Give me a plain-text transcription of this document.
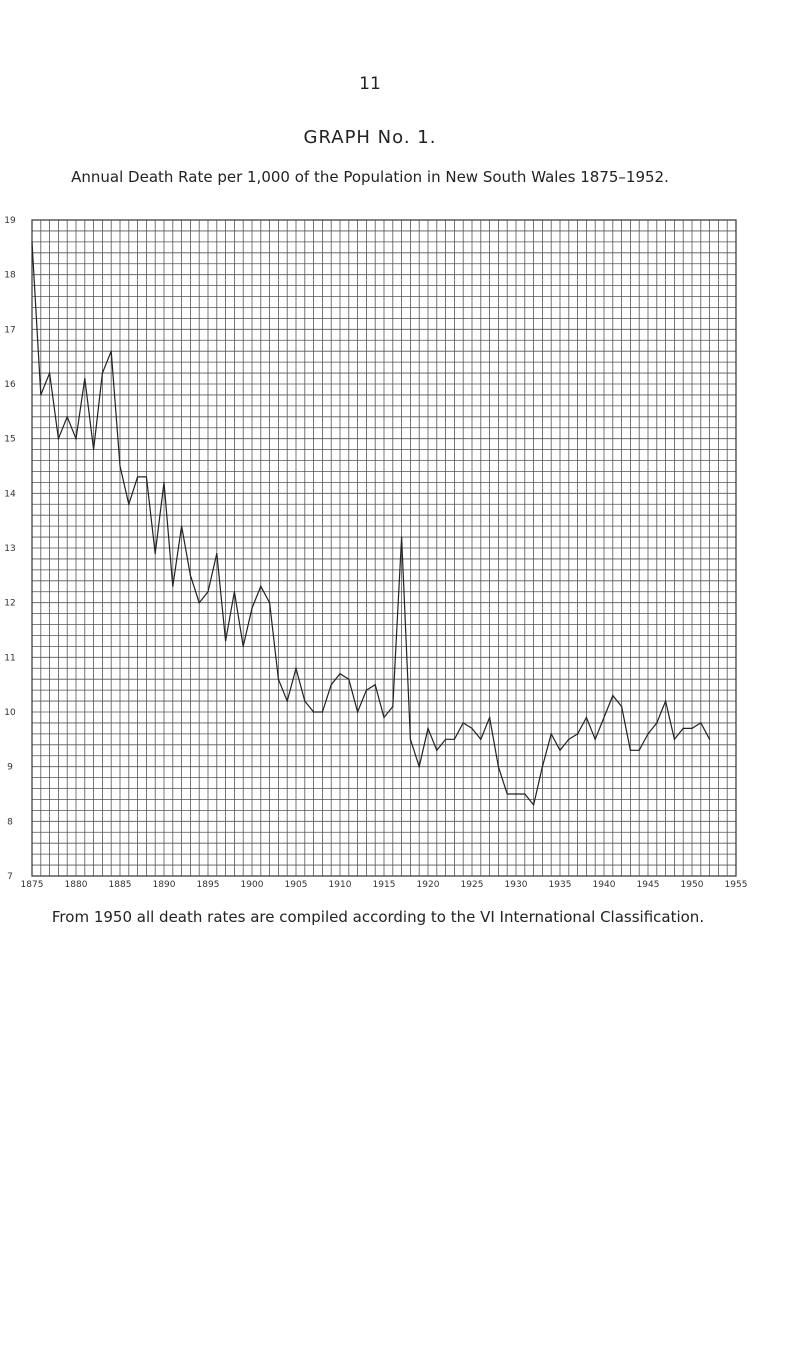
11
GRAPH No. 1.
Annual Death Rate per 1,000 of the Population in New South Wales 1875–1952.
7
8
9
10
11
12
13
14
15
16
17
18
19
1875 1880 1885 1890 1895 1900 1905 1910 1915 1920 1925 1930 1935 1940 1945 1950 1955
From 1950 all death rates are compiled according to the VI International Classification.
